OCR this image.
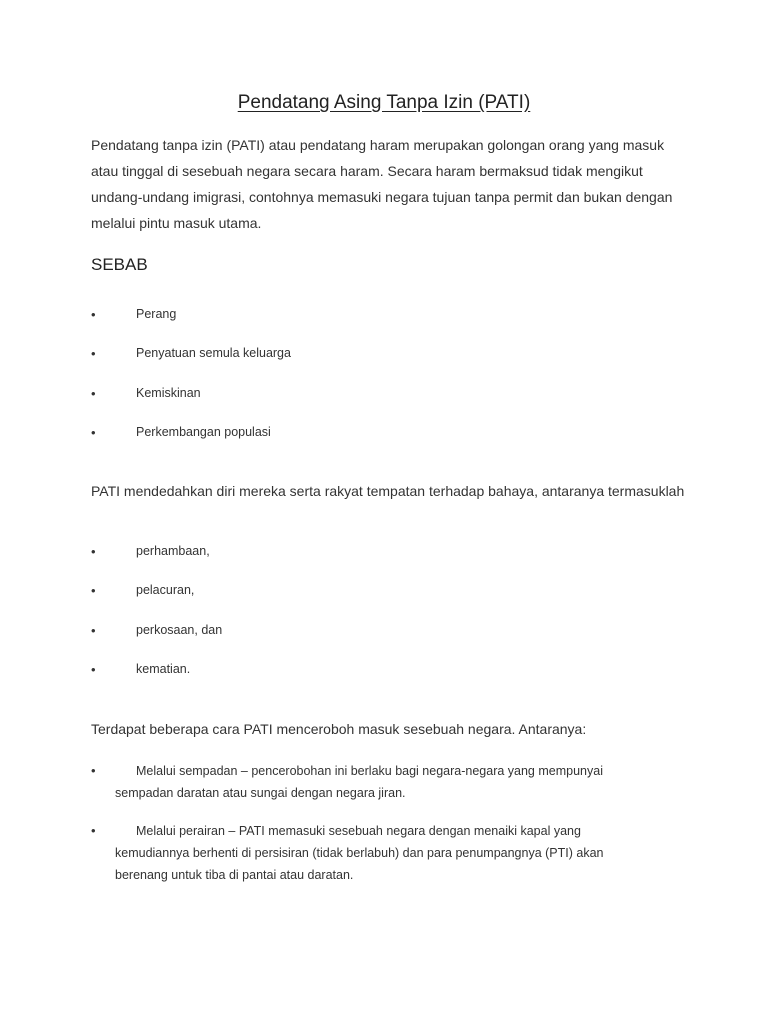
Pendatang Asing Tanpa Izin (PATI)
Pendatang tanpa izin (PATI) atau pendatang haram merupakan golongan orang yang masuk atau tinggal di sesebuah negara secara haram. Secara haram bermaksud tidak mengikut undang-undang imigrasi, contohnya memasuki negara tujuan tanpa permit dan bukan dengan melalui pintu masuk utama.
SEBAB
•	Perang
•	Penyatuan semula keluarga
•	Kemiskinan
•	Perkembangan populasi
PATI mendedahkan diri mereka serta rakyat tempatan terhadap bahaya, antaranya termasuklah
•	perhambaan,
•	pelacuran,
•	perkosaan, dan
•	kematian.
Terdapat beberapa cara PATI menceroboh masuk sesebuah negara. Antaranya:
•	Melalui sempadan – pencerobohan ini berlaku bagi negara-negara yang mempunyai sempadan daratan atau sungai dengan negara jiran.
•	Melalui perairan – PATI memasuki sesebuah negara dengan menaiki kapal yang kemudiannya berhenti di persisiran (tidak berlabuh) dan para penumpangnya (PTI) akan berenang untuk tiba di pantai atau daratan.
